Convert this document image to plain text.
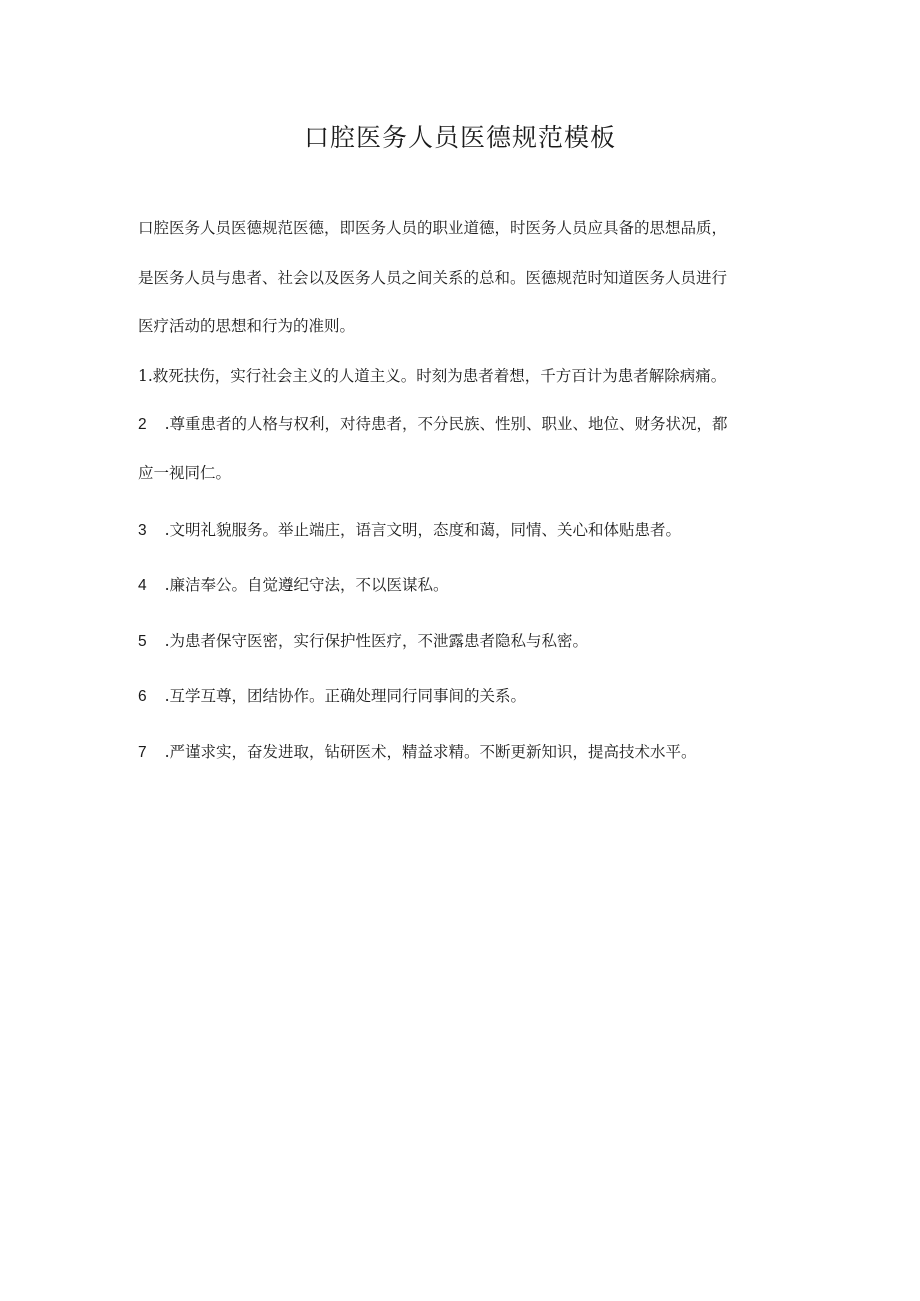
口腔医务人员医德规范模板
口腔医务人员医德规范医德，即医务人员的职业道德，时医务人员应具备的思想品质，
是医务人员与患者、社会以及医务人员之间关系的总和。医德规范时知道医务人员进行
医疗活动的思想和行为的准则。
1.救死扶伤，实行社会主义的人道主义。时刻为患者着想，千方百计为患者解除病痛。
2 .尊重患者的人格与权利，对待患者，不分民族、性别、职业、地位、财务状况，都
应一视同仁。
3 .文明礼貌服务。举止端庄，语言文明，态度和蔼，同情、关心和体贴患者。
4 .廉洁奉公。自觉遵纪守法，不以医谋私。
5 .为患者保守医密，实行保护性医疗，不泄露患者隐私与私密。
6 .互学互尊，团结协作。正确处理同行同事间的关系。
7 .严谨求实，奋发进取，钻研医术，精益求精。不断更新知识，提高技术水平。
